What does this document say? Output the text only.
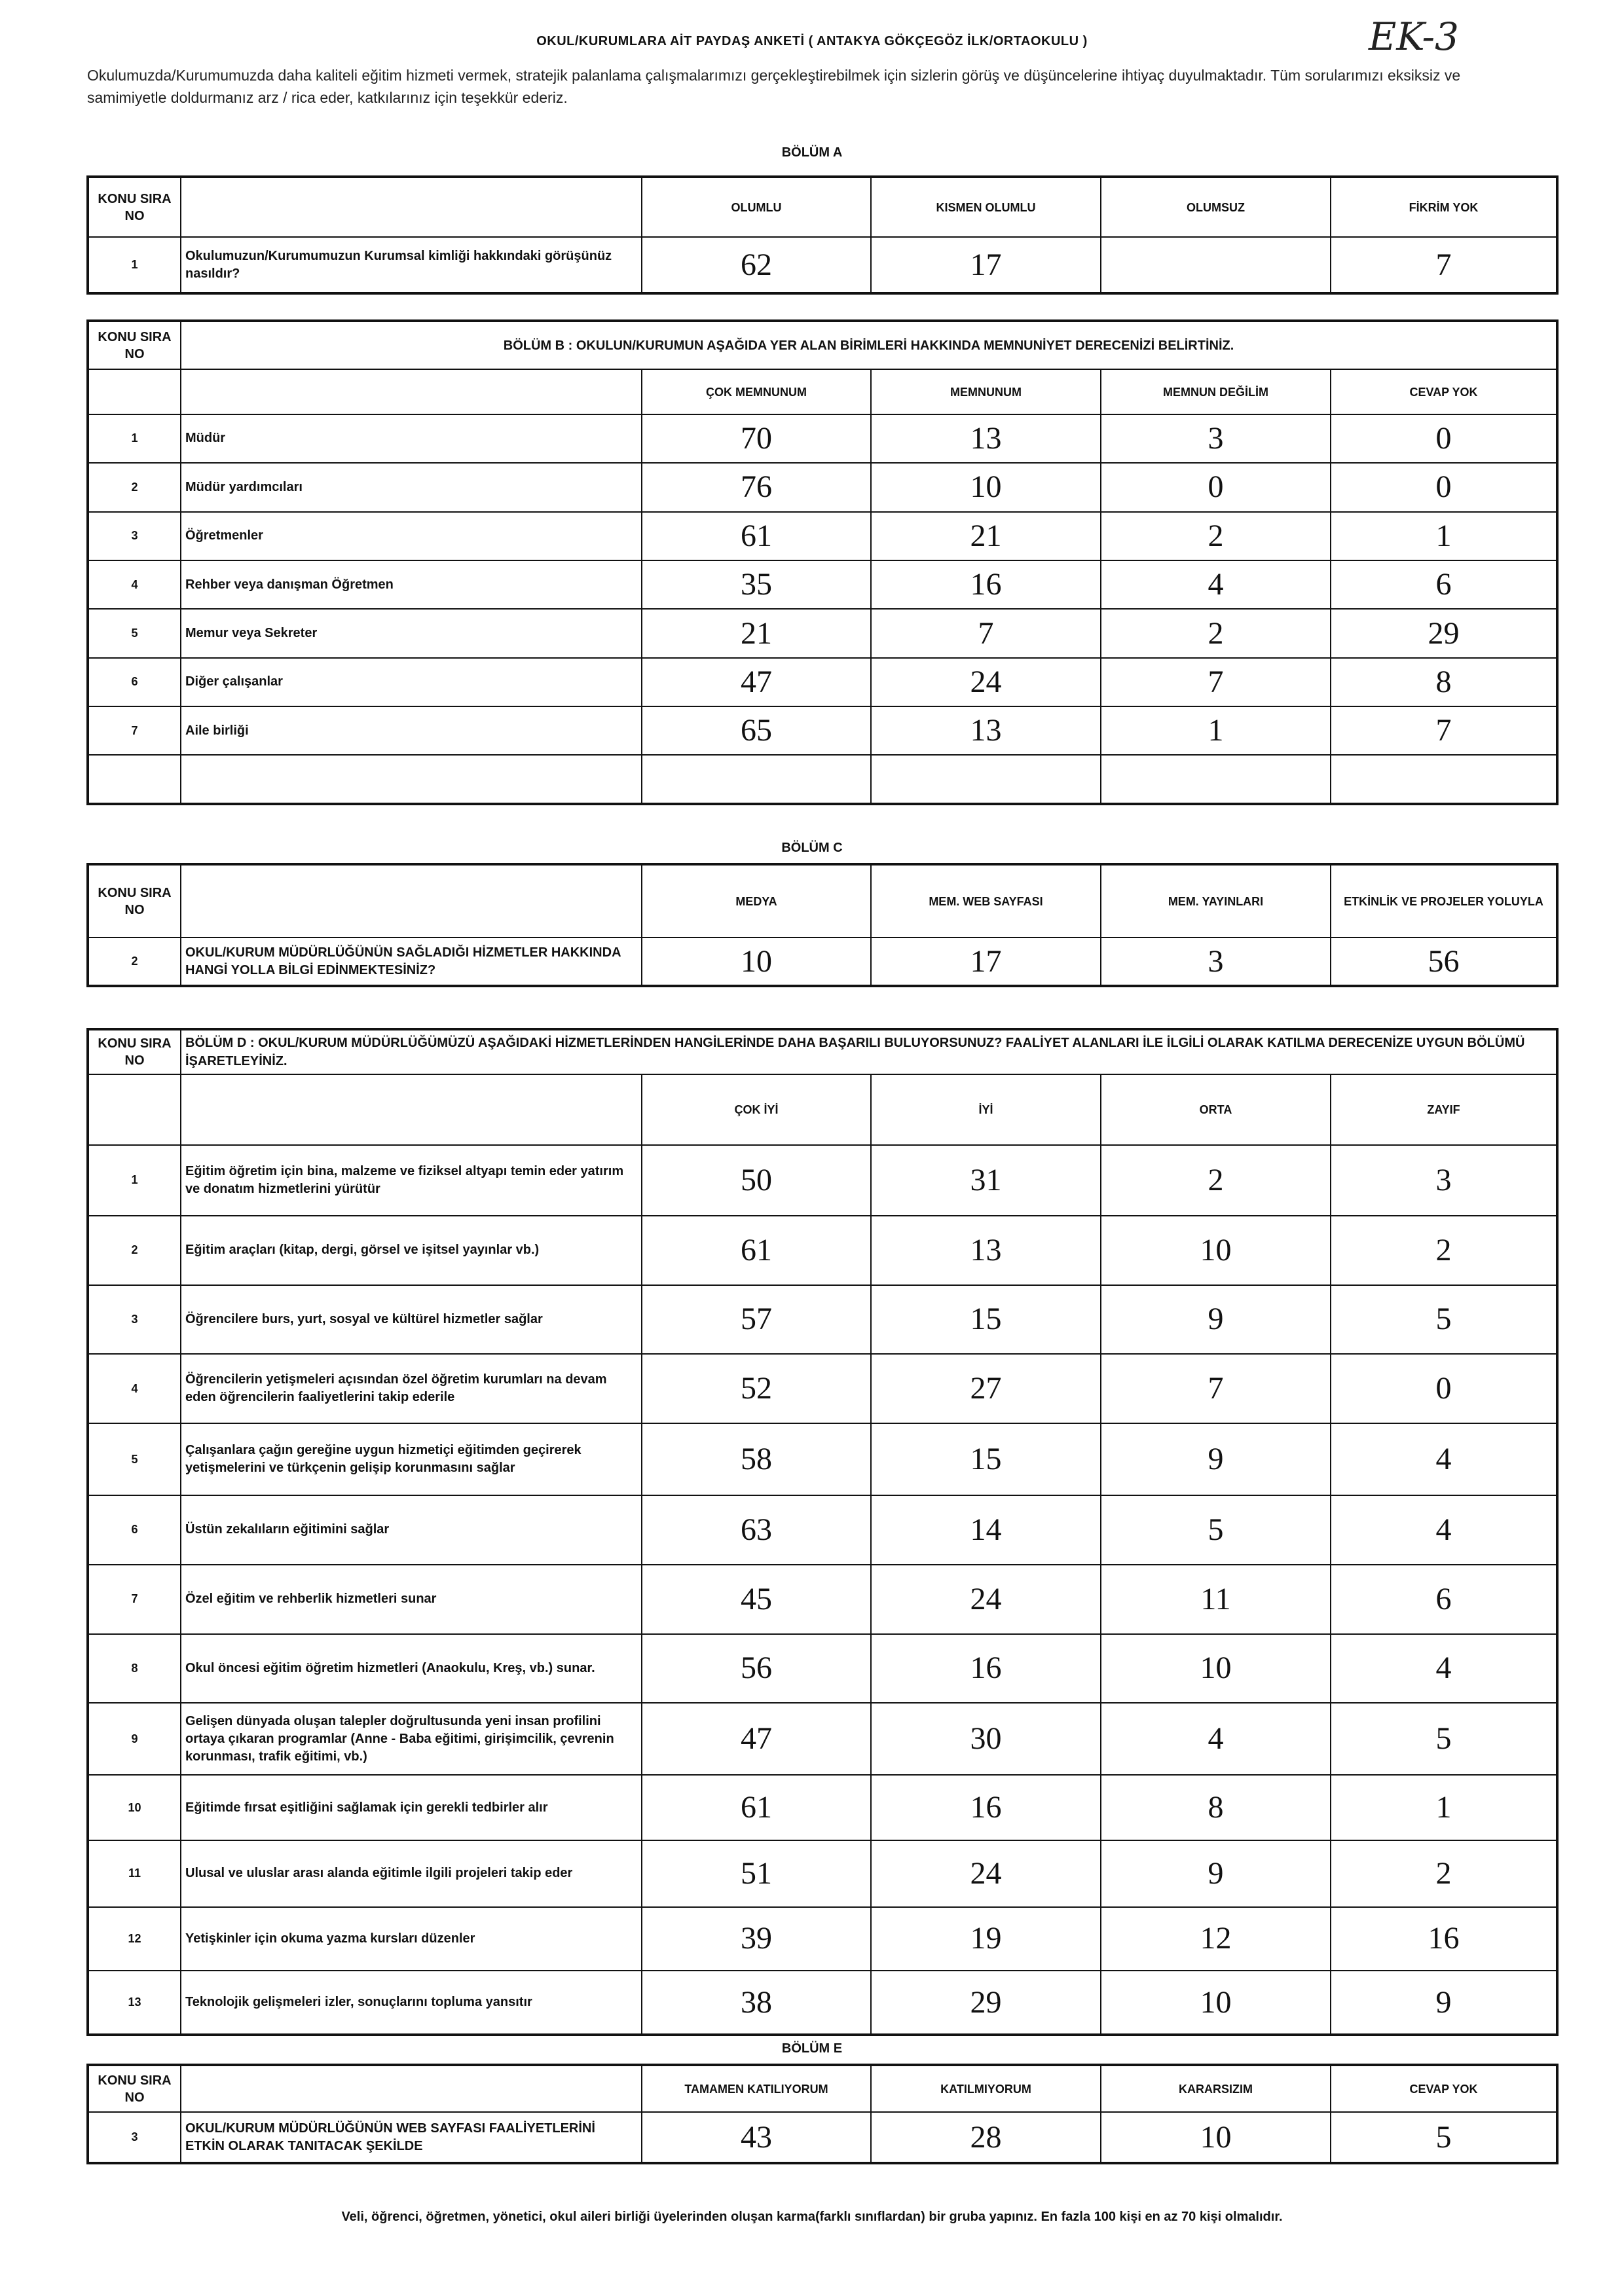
OKUL/KURUMLARA AİT PAYDAŞ ANKETİ ( ANTAKYA GÖKÇEGÖZ İLK/ORTAOKULU )	EK-3
Okulumuzda/Kurumumuzda daha kaliteli eğitim hizmeti vermek, stratejik palanlama çalışmalarımızı gerçekleştirebilmek için sizlerin görüş ve düşüncelerine ihtiyaç duyulmaktadır. Tüm sorularımızı eksiksiz ve samimiyetle doldurmanız arz / rica eder, katkılarınız için teşekkür ederiz.
BÖLÜM A
KONU SIRA NO		OLUMLU	KISMEN OLUMLU	OLUMSUZ	FİKRİM YOK
1	Okulumuzun/Kurumumuzun Kurumsal kimliği hakkındaki görüşünüz nasıldır?	62	17		7
KONU SIRA NO	BÖLÜM B : OKULUN/KURUMUN AŞAĞIDA YER ALAN BİRİMLERİ HAKKINDA MEMNUNİYET DERECENİZİ BELİRTİNİZ.				
		ÇOK MEMNUNUM	MEMNUNUM	MEMNUN DEĞİLİM	CEVAP YOK
1	Müdür	70	13	3	0
2	Müdür yardımcıları	76	10	0	0
3	Öğretmenler	61	21	2	1
4	Rehber veya danışman Öğretmen	35	16	4	6
5	Memur veya Sekreter	21	7	2	29
6	Diğer çalışanlar	47	24	7	8
7	Aile birliği	65	13	1	7

BÖLÜM C
KONU SIRA NO		MEDYA	MEM. WEB SAYFASI	MEM. YAYINLARI	ETKİNLİK VE PROJELER YOLUYLA
2	OKUL/KURUM MÜDÜRLÜĞÜNÜN SAĞLADIĞI HİZMETLER HAKKINDA HANGİ YOLLA BİLGİ EDİNMEKTESİNİZ?	10	17	3	56
KONU SIRA NO	BÖLÜM D : OKUL/KURUM MÜDÜRLÜĞÜMÜZÜ AŞAĞIDAKİ HİZMETLERİNDEN HANGİLERİNDE DAHA BAŞARILI BULUYORSUNUZ? FAALİYET ALANLARI İLE İLGİLİ OLARAK KATILMA DERECENİZE UYGUN BÖLÜMÜ İŞARETLEYİNİZ.				
		ÇOK İYİ	İYİ	ORTA	ZAYIF
1	Eğitim öğretim için bina, malzeme ve fiziksel altyapı temin eder yatırım ve donatım hizmetlerini yürütür	50	31	2	3
2	Eğitim araçları (kitap, dergi, görsel ve işitsel yayınlar vb.)	61	13	10	2
3	Öğrencilere burs, yurt, sosyal ve kültürel hizmetler sağlar	57	15	9	5
4	Öğrencilerin yetişmeleri açısından özel öğretim kurumları na devam eden öğrencilerin faaliyetlerini takip ederile	52	27	7	0
5	Çalışanlara çağın gereğine uygun hizmetiçi eğitimden geçirerek yetişmelerini ve türkçenin gelişip korunmasını sağlar	58	15	9	4
6	Üstün zekalıların eğitimini sağlar	63	14	5	4
7	Özel eğitim ve rehberlik hizmetleri sunar	45	24	11	6
8	Okul öncesi eğitim öğretim hizmetleri (Anaokulu, Kreş, vb.) sunar.	56	16	10	4
9	Gelişen dünyada oluşan talepler doğrultusunda yeni insan profilini ortaya çıkaran programlar (Anne - Baba eğitimi, girişimcilik, çevrenin korunması, trafik eğitimi, vb.)	47	30	4	5
10	Eğitimde fırsat eşitliğini sağlamak için gerekli tedbirler alır	61	16	8	1
11	Ulusal ve uluslar arası alanda eğitimle ilgili projeleri takip eder	51	24	9	2
12	Yetişkinler için okuma yazma kursları düzenler	39	19	12	16
13	Teknolojik gelişmeleri izler, sonuçlarını topluma yansıtır	38	29	10	9
BÖLÜM E
KONU SIRA NO		TAMAMEN KATILIYORUM	KATILMIYORUM	KARARSIZIM	CEVAP YOK
3	OKUL/KURUM MÜDÜRLÜĞÜNÜN WEB SAYFASI FAALİYETLERİNİ ETKİN OLARAK TANITACAK ŞEKİLDE	43	28	10	5
Veli, öğrenci, öğretmen, yönetici, okul aileri birliği üyelerinden oluşan karma(farklı sınıflardan) bir gruba yapınız. En fazla 100 kişi en az 70 kişi olmalıdır.
